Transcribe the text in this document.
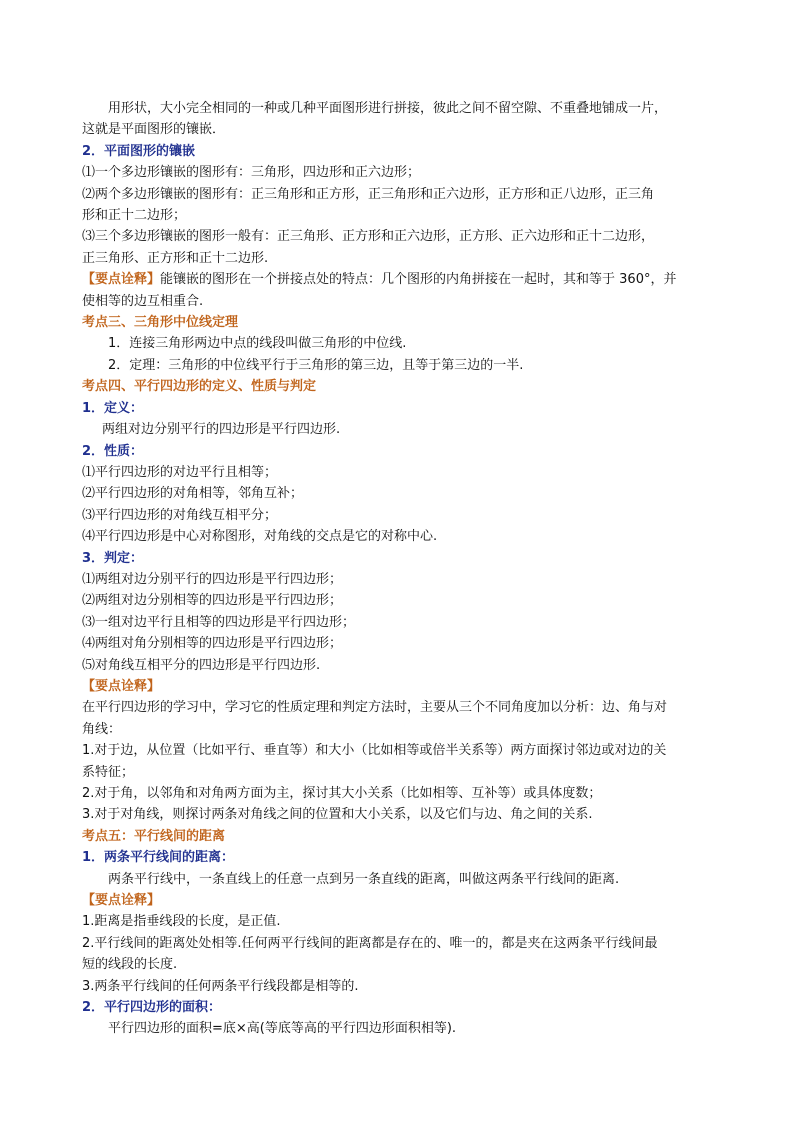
用形状，大小完全相同的一种或几种平面图形进行拼接，彼此之间不留空隙、不重叠地铺成一片，

这就是平面图形的镶嵌．

2．平面图形的镶嵌

⑴一个多边形镶嵌的图形有：三角形，四边形和正六边形；

⑵两个多边形镶嵌的图形有：正三角形和正方形，正三角形和正六边形，正方形和正八边形，正三角

形和正十二边形；

⑶三个多边形镶嵌的图形一般有：正三角形、正方形和正六边形，正方形、正六边形和正十二边形，

正三角形、正方形和正十二边形.

【要点诠释】能镶嵌的图形在一个拼接点处的特点：几个图形的内角拼接在一起时，其和等于 360°，并

使相等的边互相重合.

考点三、三角形中位线定理

1．连接三角形两边中点的线段叫做三角形的中位线.

2．定理：三角形的中位线平行于三角形的第三边，且等于第三边的一半.

考点四、平行四边形的定义、性质与判定

1．定义：

两组对边分别平行的四边形是平行四边形.

2．性质：

⑴平行四边形的对边平行且相等；

⑵平行四边形的对角相等，邻角互补；

⑶平行四边形的对角线互相平分；

⑷平行四边形是中心对称图形，对角线的交点是它的对称中心.

3．判定：

⑴两组对边分别平行的四边形是平行四边形；

⑵两组对边分别相等的四边形是平行四边形；

⑶一组对边平行且相等的四边形是平行四边形；

⑷两组对角分别相等的四边形是平行四边形；

⑸对角线互相平分的四边形是平行四边形.

【要点诠释】

在平行四边形的学习中，学习它的性质定理和判定方法时，主要从三个不同角度加以分析：边、角与对

角线：

1.对于边，从位置（比如平行、垂直等）和大小（比如相等或倍半关系等）两方面探讨邻边或对边的关

系特征；

2.对于角，以邻角和对角两方面为主，探讨其大小关系（比如相等、互补等）或具体度数；

3.对于对角线，则探讨两条对角线之间的位置和大小关系，以及它们与边、角之间的关系.

考点五：平行线间的距离

1．两条平行线间的距离：

两条平行线中，一条直线上的任意一点到另一条直线的距离，叫做这两条平行线间的距离.

【要点诠释】

1.距离是指垂线段的长度，是正值.

2.平行线间的距离处处相等.任何两平行线间的距离都是存在的、唯一的，都是夹在这两条平行线间最

短的线段的长度.

3.两条平行线间的任何两条平行线段都是相等的.

2．平行四边形的面积：

平行四边形的面积=底×高(等底等高的平行四边形面积相等).
